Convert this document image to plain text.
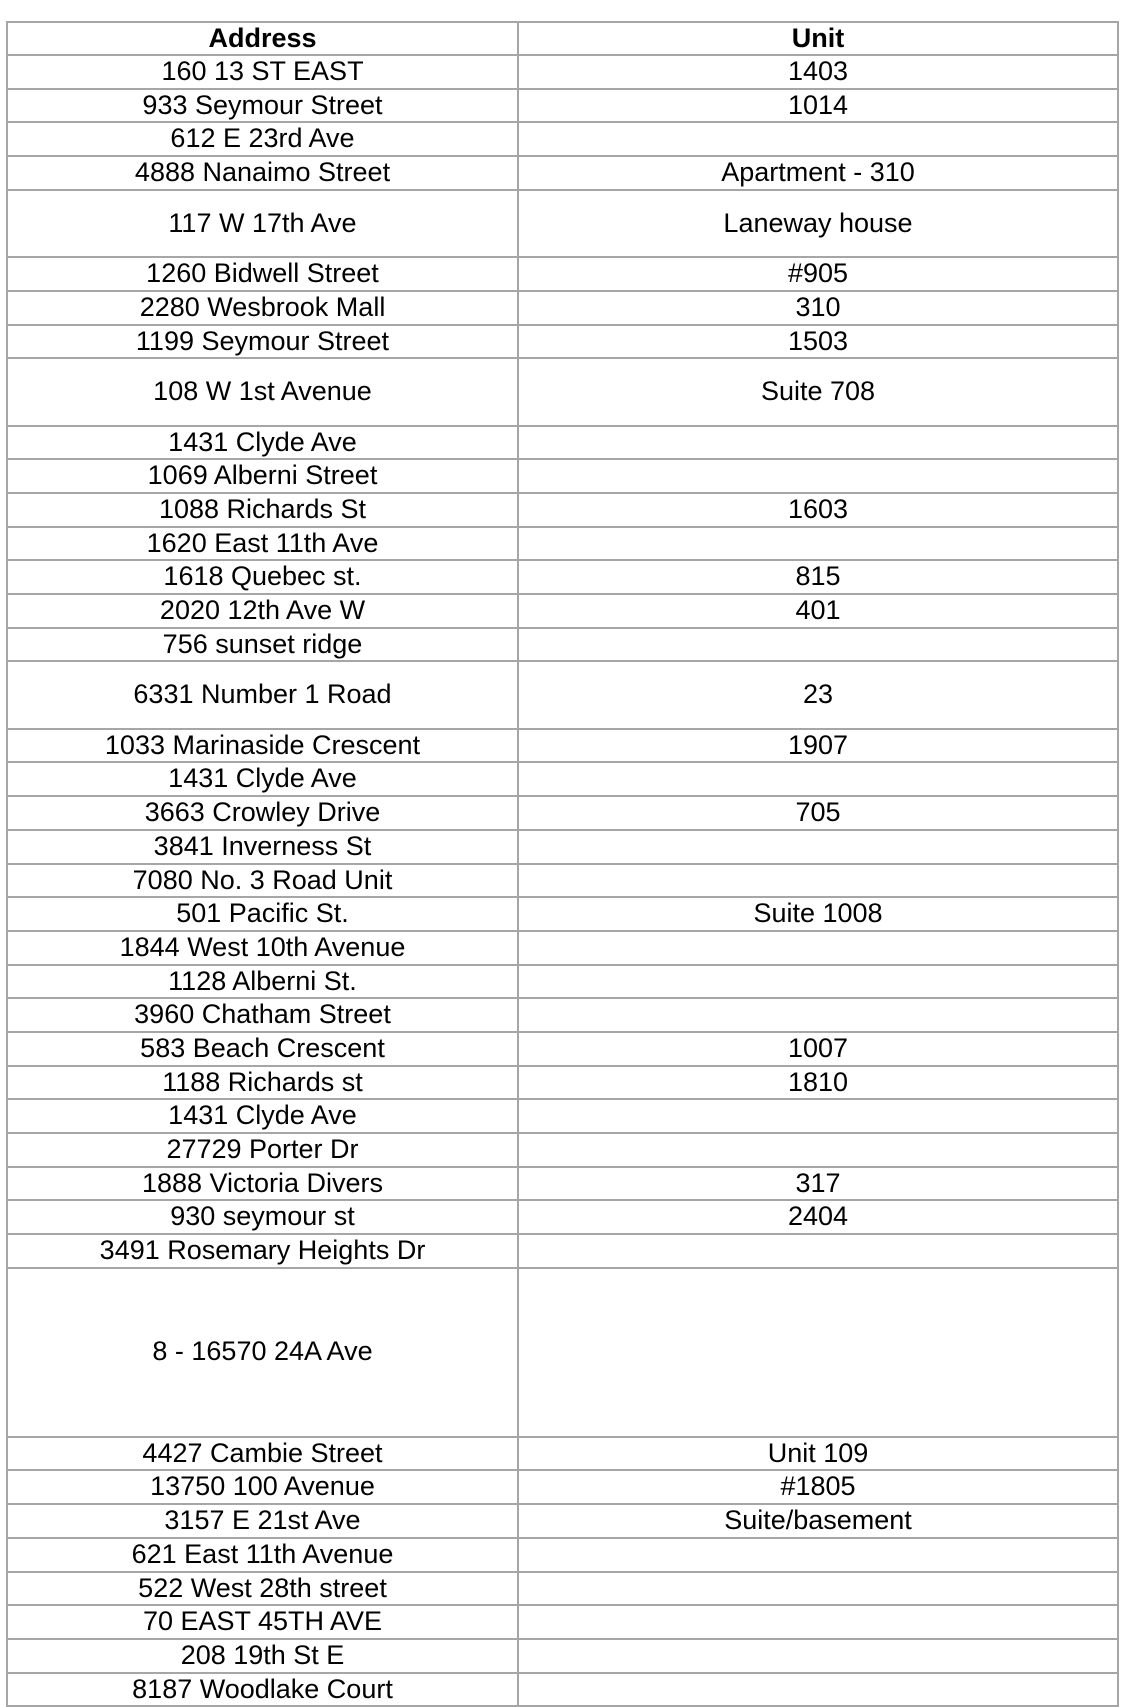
Address	Unit
160 13 ST EAST	1403
933 Seymour Street	1014
612 E 23rd Ave	
4888 Nanaimo Street	Apartment - 310
117 W 17th Ave	Laneway house
1260 Bidwell Street	#905
2280 Wesbrook Mall	310
1199 Seymour Street	1503
108 W 1st Avenue	Suite 708
1431 Clyde Ave	
1069 Alberni Street	
1088 Richards St	1603
1620 East 11th Ave	
1618 Quebec st.	815
2020 12th Ave W	401
756 sunset ridge	
6331 Number 1 Road	23
1033 Marinaside Crescent	1907
1431 Clyde Ave	
3663 Crowley Drive	705
3841 Inverness St	
7080 No. 3 Road Unit	
501 Pacific St.	Suite 1008
1844 West 10th Avenue	
1128 Alberni St.	
3960 Chatham Street	
583 Beach Crescent	1007
1188 Richards st	1810
1431 Clyde Ave	
27729 Porter Dr	
1888 Victoria Divers	317
930 seymour st	2404
3491 Rosemary Heights Dr	
8 - 16570 24A Ave	
4427 Cambie Street	Unit 109
13750 100 Avenue	#1805
3157 E 21st Ave	Suite/basement
621 East 11th Avenue	
522 West 28th street	
70 EAST 45TH AVE	
208 19th St E	
8187 Woodlake Court	
